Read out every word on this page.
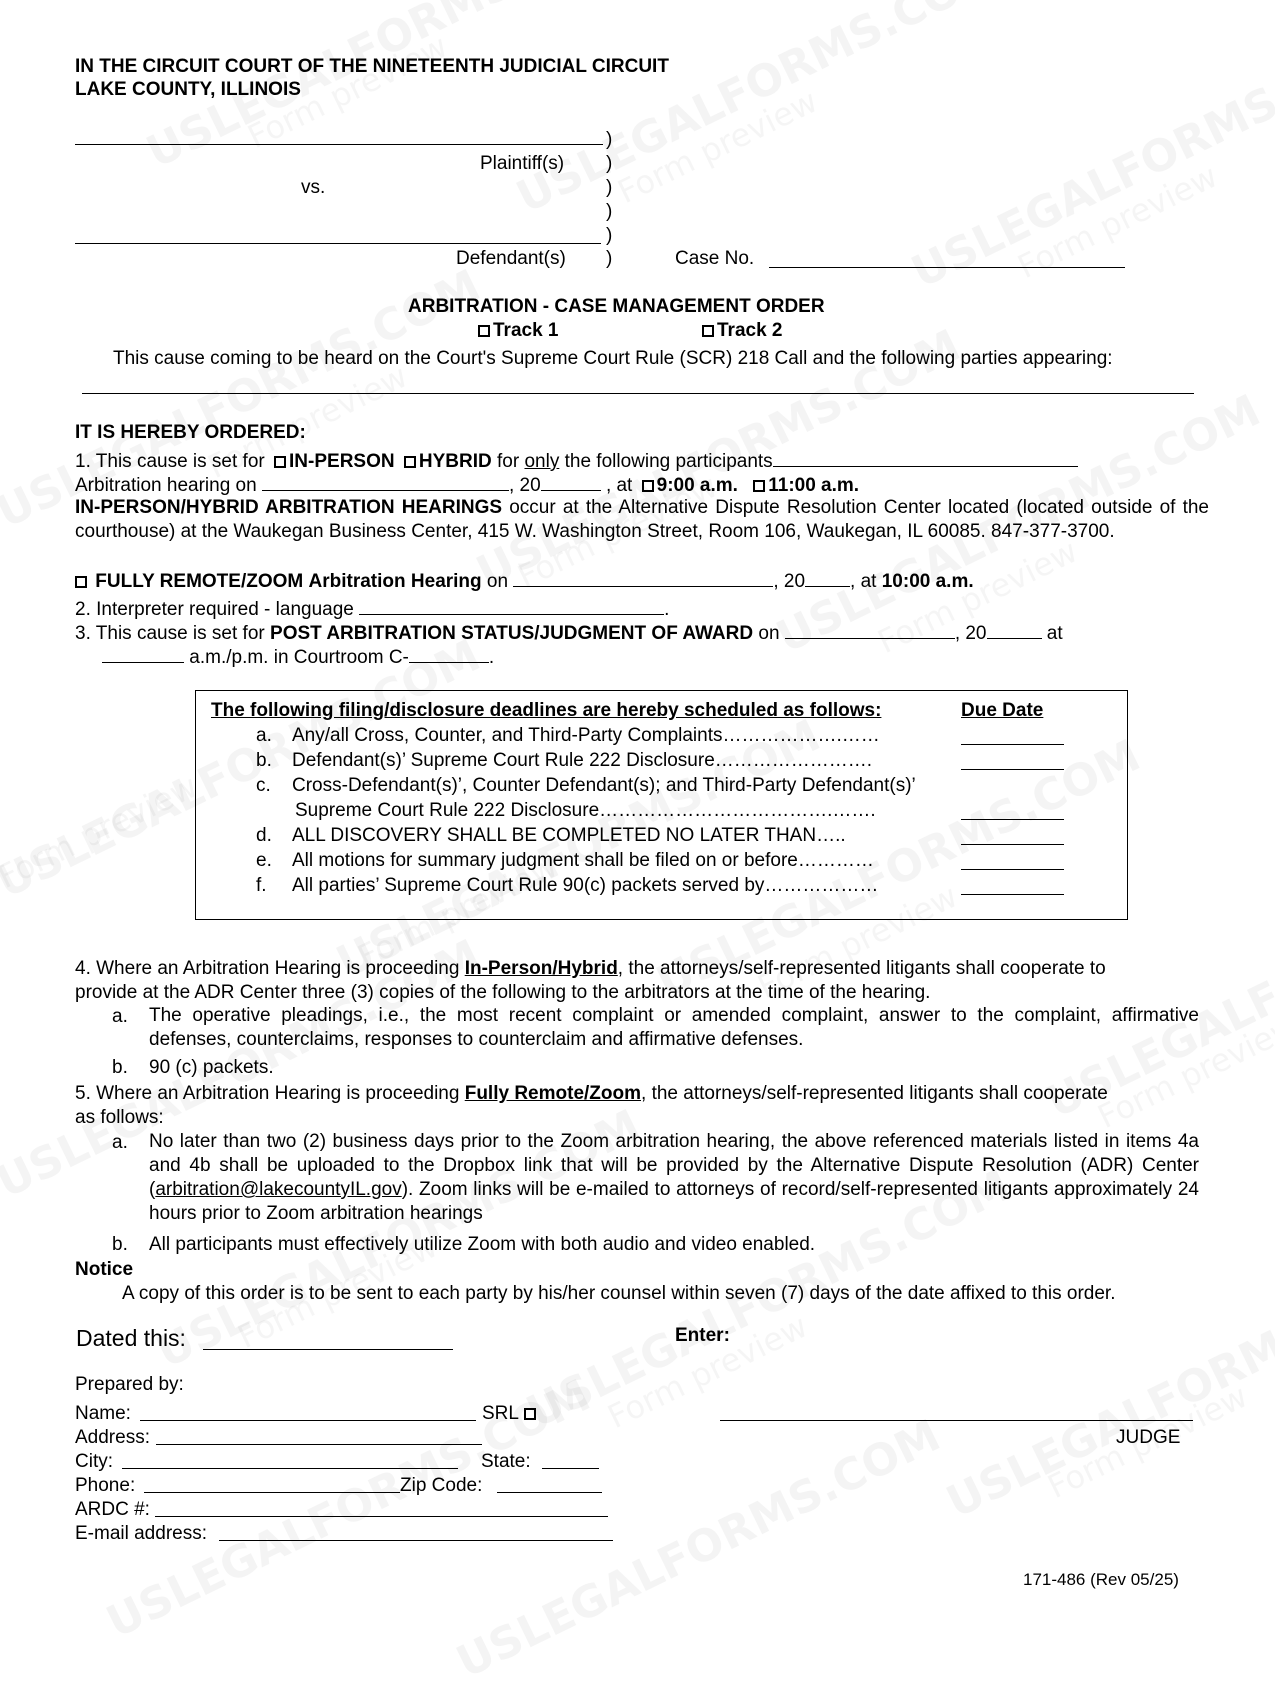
IN THE CIRCUIT COURT OF THE NINETEENTH JUDICIAL CIRCUIT
LAKE COUNTY, ILLINOIS
)
Plaintiff(s) )
vs.	)
)
)
Defendant(s) )	Case No.
ARBITRATION - CASE MANAGEMENT ORDER
Track 1	Track 2
This cause coming to be heard on the Court's Supreme Court Rule (SCR) 218 Call and the following parties appearing:
IT IS HEREBY ORDERED:
1. This cause is set for IN-PERSON HYBRID for only the following participants
Arbitration hearing on	, 20	, at 9:00 a.m. 11:00 a.m.
IN-PERSON/HYBRID ARBITRATION HEARINGS occur at the Alternative Dispute Resolution Center located (located outside of the courthouse) at the Waukegan Business Center, 415 W. Washington Street, Room 106, Waukegan, IL 60085. 847-377-3700.
FULLY REMOTE/ZOOM Arbitration Hearing on	, 20 , at 10:00 a.m.
2. Interpreter required - language	.
3. This cause is set for POST ARBITRATION STATUS/JUDGMENT OF AWARD on	, 20	at
a.m./p.m. in Courtroom C-	.
The following filing/disclosure deadlines are hereby scheduled as follows:	Due Date
a. Any/all Cross, Counter, and Third-Party Complaints……………….……
b. Defendant(s)’ Supreme Court Rule 222 Disclosure…………………….
c. Cross-Defendant(s)’, Counter Defendant(s); and Third-Party Defendant(s)’
Supreme Court Rule 222 Disclosure……………………………….…….
d. ALL DISCOVERY SHALL BE COMPLETED NO LATER THAN…..
e. All motions for summary judgment shall be filed on or before…………
f. All parties’ Supreme Court Rule 90(c) packets served by………………
4. Where an Arbitration Hearing is proceeding In-Person/Hybrid, the attorneys/self-represented litigants shall cooperate to
provide at the ADR Center three (3) copies of the following to the arbitrators at the time of the hearing.
a. The operative pleadings, i.e., the most recent complaint or amended complaint, answer to the complaint, affirmative defenses, counterclaims, responses to counterclaim and affirmative defenses.
b. 90 (c) packets.
5. Where an Arbitration Hearing is proceeding Fully Remote/Zoom, the attorneys/self-represented litigants shall cooperate
as follows:
a. No later than two (2) business days prior to the Zoom arbitration hearing, the above referenced materials listed in items 4a and 4b shall be uploaded to the Dropbox link that will be provided by the Alternative Dispute Resolution (ADR) Center (arbitration@lakecountyIL.gov). Zoom links will be e-mailed to attorneys of record/self-represented litigants approximately 24 hours prior to Zoom arbitration hearings
b. All participants must effectively utilize Zoom with both audio and video enabled.
Notice
A copy of this order is to be sent to each party by his/her counsel within seven (7) days of the date affixed to this order.
Dated this:	Enter:
Prepared by:
Name:	SRL
JUDGE
Address:
City:	State:
Phone:	Zip Code:
ARDC #:
E-mail address:
171-486 (Rev 05/25)
